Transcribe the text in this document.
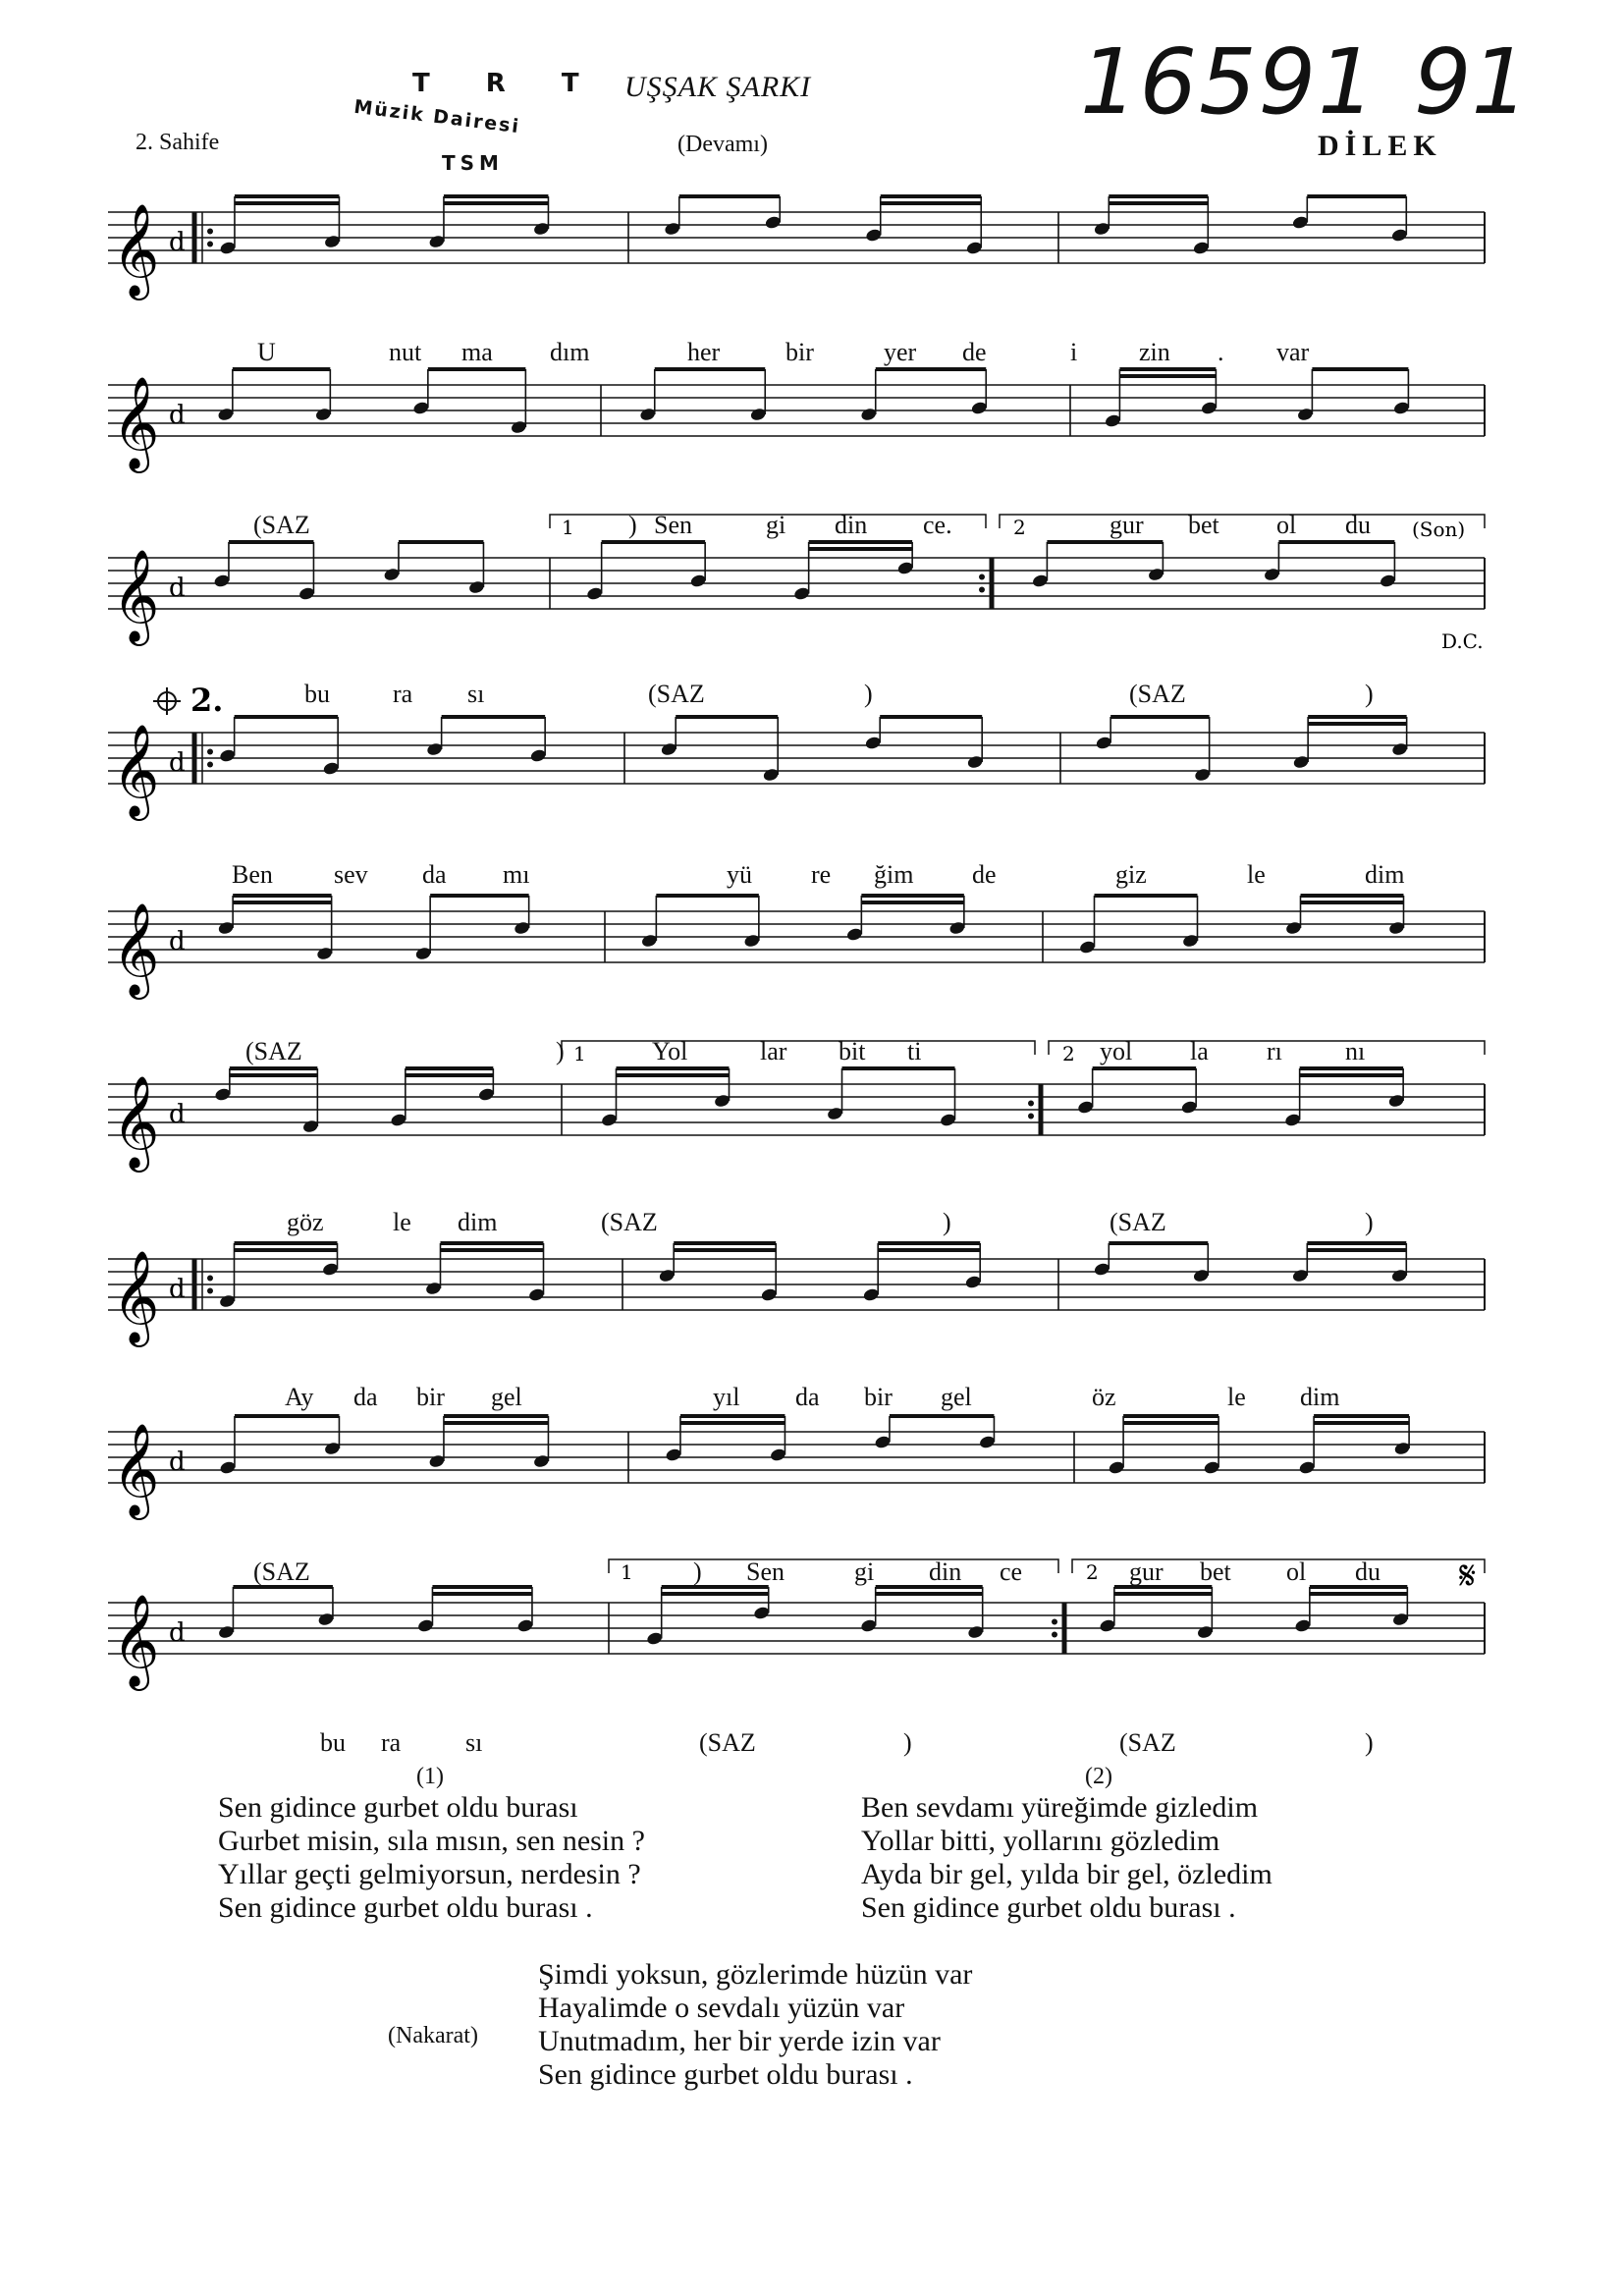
2. Sahife
UŞŞAK ŞARKI
(Devamı)	DİLEK
16591 91
T R T
Müzik Dairesi
TSM
𝄞 d
𝄞 d
𝄞 d
1	2	(Son)
D.C.
𝄞 d
2.
𝄞 d
𝄞 d
1	2
𝄞 d
𝄞 d
𝄞 d
1	2	𝄋
U	nut ma dım	her	bir	yer de	i zin . var
(SAZ	) Sen	gi din ce.	gur bet ol du
bu ra sı	(SAZ	)	(SAZ	)
Ben sev da mı	yü re ğim de	giz	le	dim
(SAZ	)	Yol	lar bit ti	yol la rı nı
göz	le dim	(SAZ	)	(SAZ	)
Ay da bir gel	yıl da bir gel	öz	le dim
(SAZ	) Sen	gi din ce	gur bet ol du
bu ra	sı	(SAZ	)	(SAZ	)
(1)
Sen gidince gurbet oldu burası
Gurbet misin, sıla mısın, sen nesin ?
Yıllar geçti gelmiyorsun, nerdesin ?
Sen gidince gurbet oldu burası .
(2)
Ben sevdamı yüreğimde gizledim
Yollar bitti, yollarını gözledim
Ayda bir gel, yılda bir gel, özledim
Sen gidince gurbet oldu burası .
(Nakarat)
Şimdi yoksun, gözlerimde hüzün var
Hayalimde o sevdalı yüzün var
Unutmadım, her bir yerde izin var
Sen gidince gurbet oldu burası .
